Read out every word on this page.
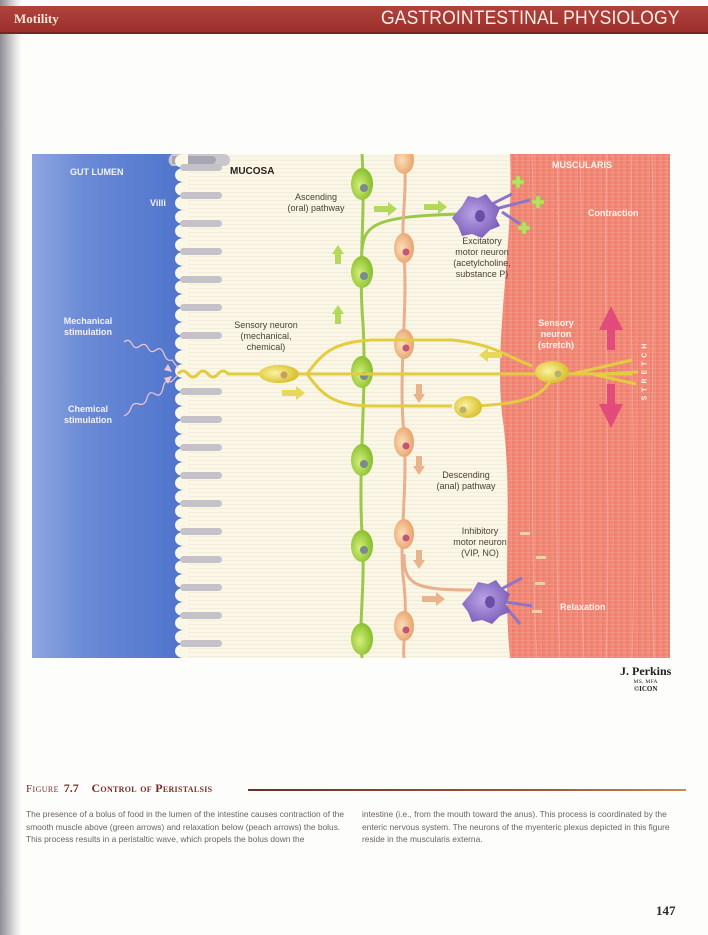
Motility	GASTROINTESTINAL PHYSIOLOGY
GUT LUMEN
Villi
MUCOSA
MUSCULARIS
Ascending
(oral) pathway
Excitatory
motor neuron
(acetylcholine,
substance P)
Contraction
Mechanical
stimulation
Chemical
stimulation
Sensory neuron
(mechanical,
chemical)
Sensory
neuron
(stretch)	S T R E T C H
Descending
(anal) pathway
Inhibitory
motor neuron
(VIP, NO)
Relaxation
J. Perkins
MS, MFA
©ICON
Figure 7.7 Control of Peristalsis

The presence of a bolus of food in the lumen of the intestine causes contraction of the smooth muscle above (green arrows) and relaxation below (peach arrows) the bolus. This process results in a peristaltic wave, which propels the bolus down the

intestine (i.e., from the mouth toward the anus). This process is coordinated by the enteric nervous system. The neurons of the myenteric plexus depicted in this figure reside in the muscularis externa.

147
